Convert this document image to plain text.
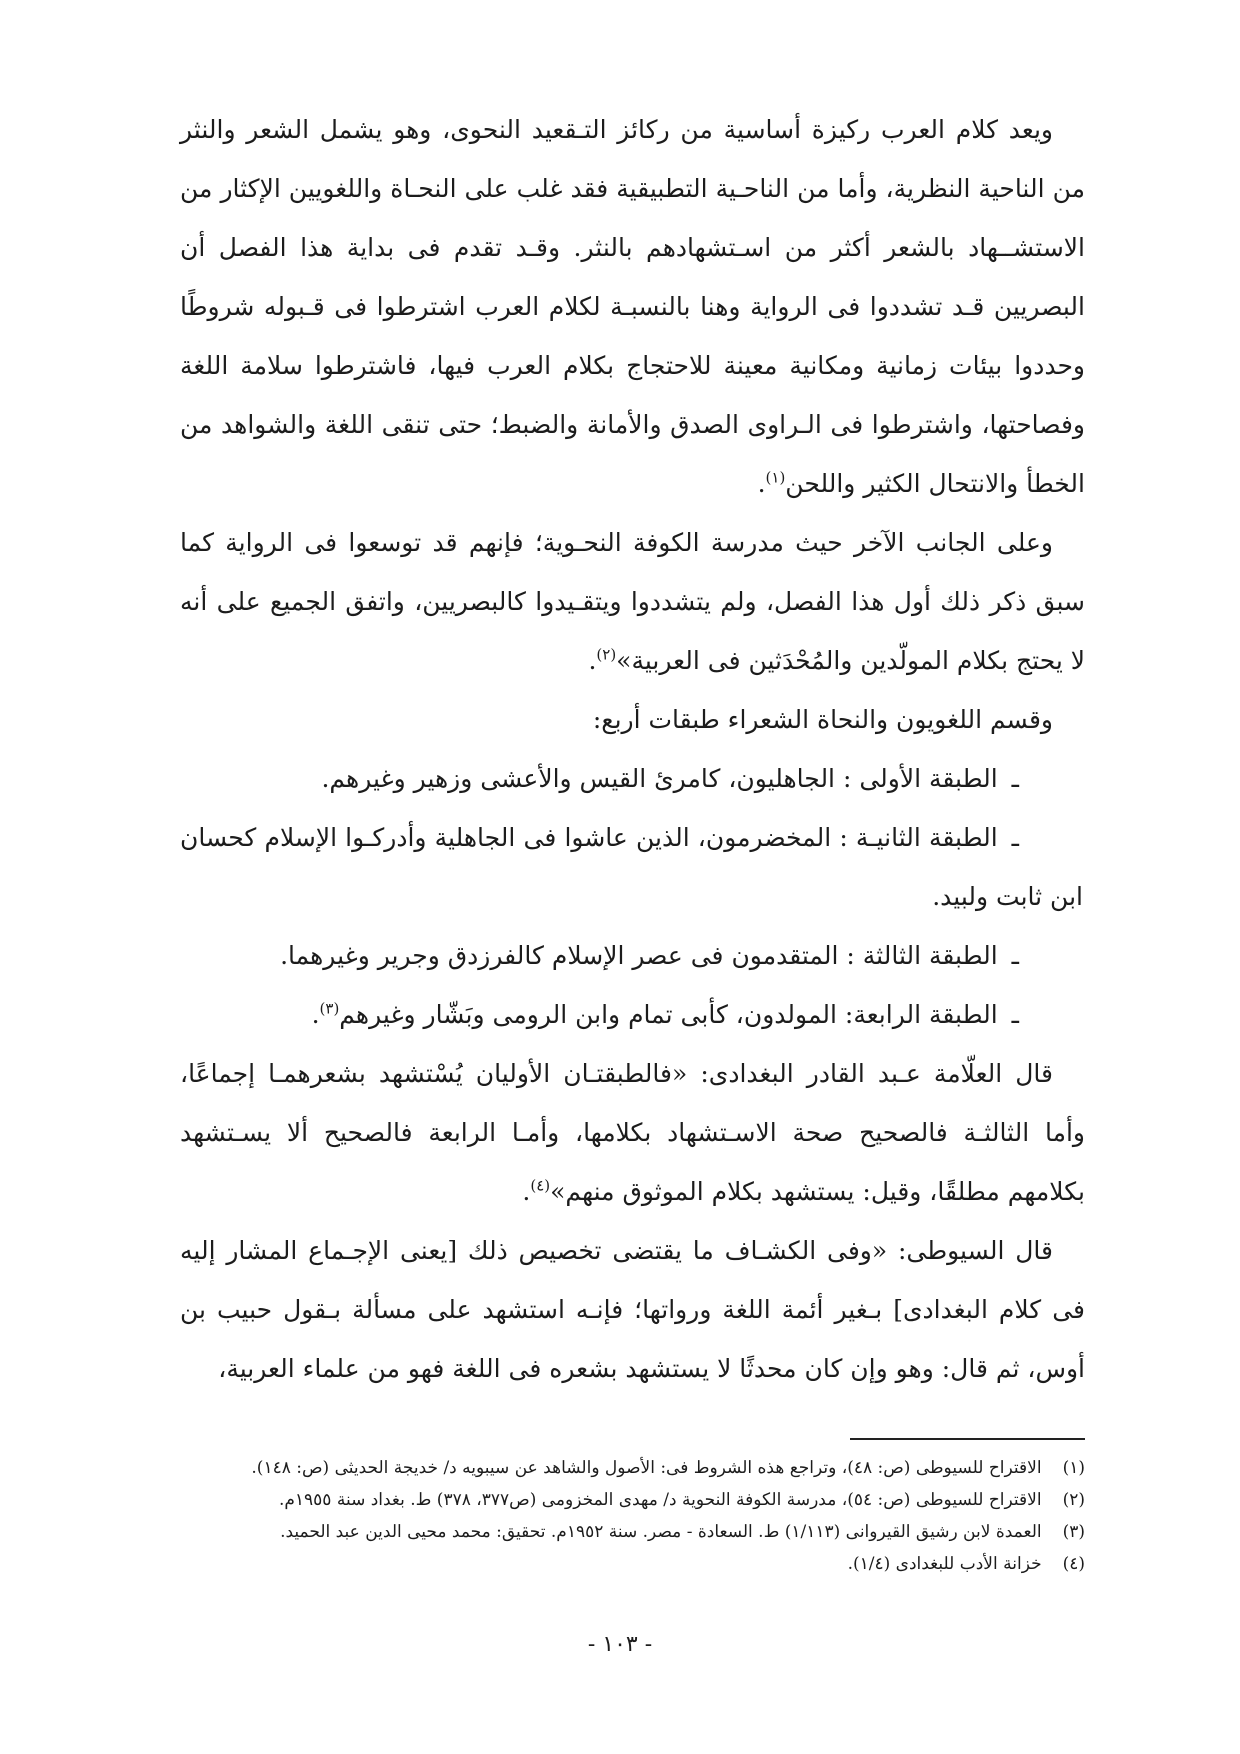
ويعد كلام العرب ركيزة أساسية من ركائز التـقعيد النحوى، وهو يشمل الشعر والنثر من الناحية النظرية، وأما من الناحـية التطبيقية فقد غلب على النحـاة واللغويين الإكثار من الاستشــهاد بالشعر أكثر من اسـتشهادهم بالنثر. وقـد تقدم فى بداية هذا الفصل أن البصريين قـد تشددوا فى الرواية وهنا بالنسبـة لكلام العرب اشترطوا فى قـبوله شروطًا وحددوا بيئات زمانية ومكانية معينة للاحتجاج بكلام العرب فيها، فاشترطوا سلامة اللغة وفصاحتها، واشترطوا فى الـراوى الصدق والأمانة والضبط؛ حتى تنقى اللغة والشواهد من الخطأ والانتحال الكثير واللحن$^{(١)}$.

وعلى الجانب الآخر حيث مدرسة الكوفة النحـوية؛ فإنهم قد توسعوا فى الرواية كما سبق ذكر ذلك أول هذا الفصل، ولم يتشددوا ويتقـيدوا كالبصريين، واتفق الجميع على أنه لا يحتج بكلام المولّدين والمُحْدَثين فى العربية»$^{(٢)}$.

وقسم اللغويون والنحاة الشعراء طبقات أربع:

ـالطبقة الأولى : الجاهليون، كامرئ القيس والأعشى وزهير وغيرهم.

ـالطبقة الثانيـة : المخضرمون، الذين عاشوا فى الجاهلية وأدركـوا الإسلام كحسان ابن ثابت ولبيد.

ـالطبقة الثالثة : المتقدمون فى عصر الإسلام كالفرزدق وجرير وغيرهما.

ـالطبقة الرابعة: المولدون، كأبى تمام وابن الرومى وبَشّار وغيرهم$^{(٣)}$.

قال العلّامة عـبد القادر البغدادى: «فالطبقتـان الأوليان يُسْتشهد بشعرهمـا إجماعًا، وأما الثالثـة فالصحيح صحة الاسـتشهاد بكلامها، وأمـا الرابعة فالصحيح ألا يسـتشهد بكلامهم مطلقًا، وقيل: يستشهد بكلام الموثوق منهم»$^{(٤)}$.

قال السيوطى: «وفى الكشـاف ما يقتضى تخصيص ذلك [يعنى الإجـماع المشار إليه فى كلام البغدادى] بـغير أئمة اللغة ورواتها؛ فإنـه استشهد على مسألة بـقول حبيب بن أوس، ثم قال: وهو وإن كان محدثًا لا يستشهد بشعره فى اللغة فهو من علماء العربية،

(١) الاقتراح للسيوطى (ص: ٤٨)، وتراجع هذه الشروط فى: الأصول والشاهد عن سيبويه د/ خديجة الحديثى (ص: ١٤٨).

(٢) الاقتراح للسيوطى (ص: ٥٤)، مدرسة الكوفة النحوية د/ مهدى المخزومى (ص٣٧٧، ٣٧٨) ط. بغداد سنة ١٩٥٥م.

(٣) العمدة لابن رشيق القيروانى (١/١١٣) ط. السعادة - مصر. سنة ١٩٥٢م. تحقيق: محمد محيى الدين عبد الحميد.

(٤) خزانة الأدب للبغدادى (١/٤).

- ١٠٣ -
